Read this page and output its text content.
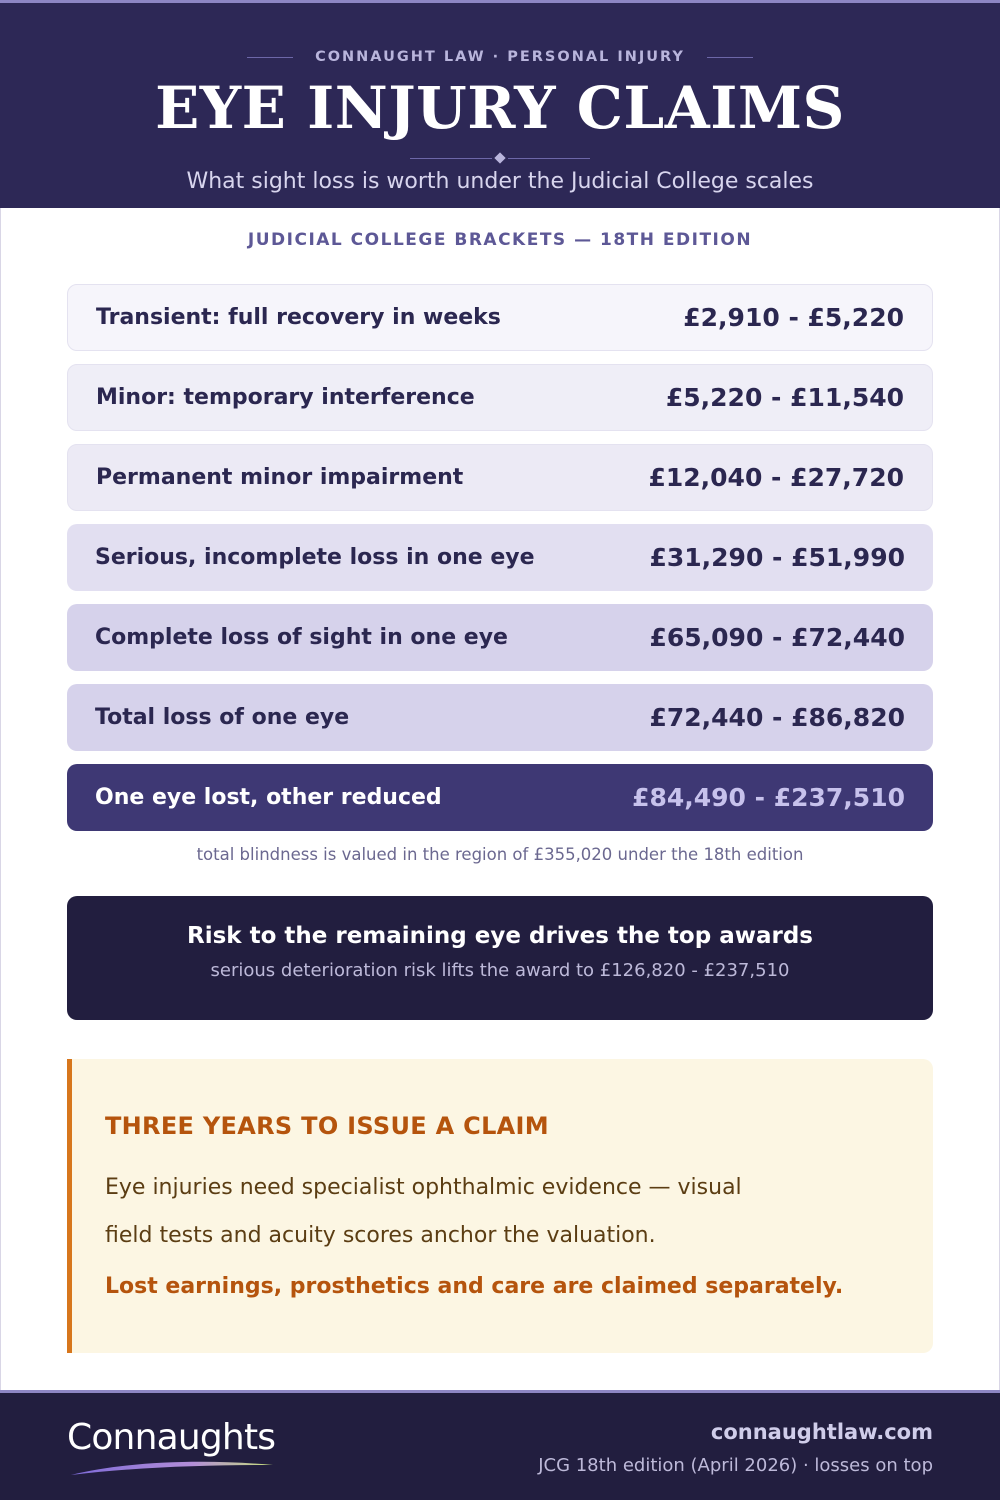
CONNAUGHT LAW · PERSONAL INJURY
EYE INJURY CLAIMS
What sight loss is worth under the Judicial College scales
JUDICIAL COLLEGE BRACKETS — 18TH EDITION
Transient: full recovery in weeks	£2,910 - £5,220
Minor: temporary interference	£5,220 - £11,540
Permanent minor impairment	£12,040 - £27,720
Serious, incomplete loss in one eye	£31,290 - £51,990
Complete loss of sight in one eye	£65,090 - £72,440
Total loss of one eye	£72,440 - £86,820
One eye lost, other reduced	£84,490 - £237,510
total blindness is valued in the region of £355,020 under the 18th edition
Risk to the remaining eye drives the top awards
serious deterioration risk lifts the award to £126,820 - £237,510
THREE YEARS TO ISSUE A CLAIM
Eye injuries need specialist ophthalmic evidence — visual field tests and acuity scores anchor the valuation.
Lost earnings, prosthetics and care are claimed separately.
Connaughts	connaughtlaw.com
JCG 18th edition (April 2026) · losses on top
